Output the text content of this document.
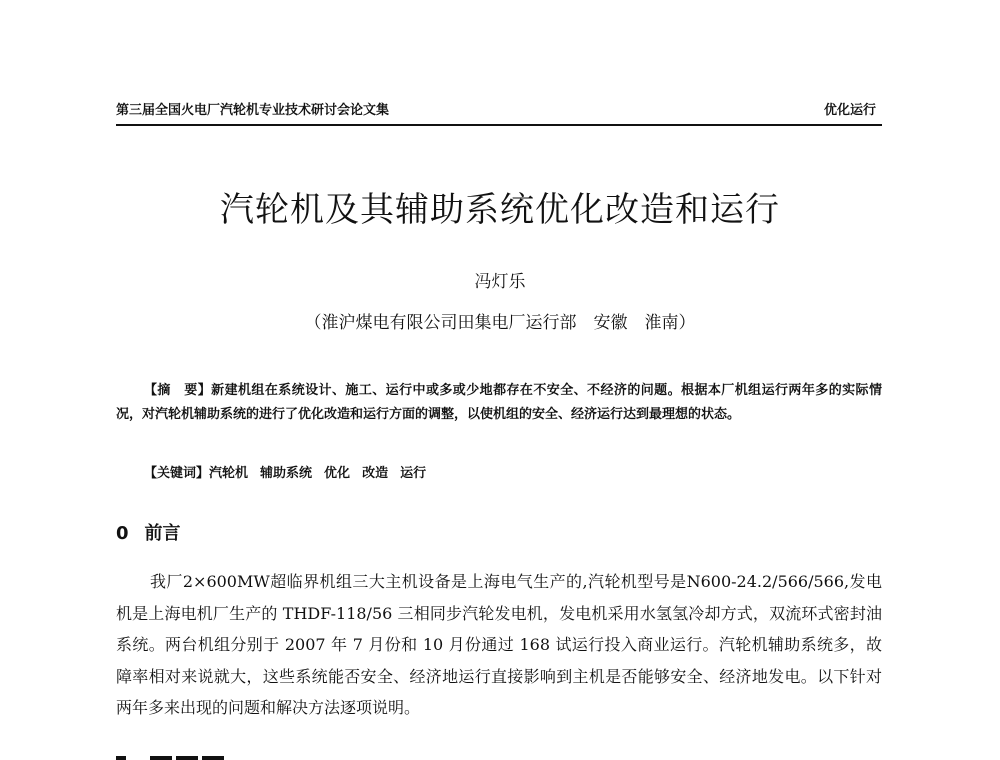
第三届全国火电厂汽轮机专业技术研讨会论文集	优化运行
汽轮机及其辅助系统优化改造和运行
冯灯乐
（淮沪煤电有限公司田集电厂运行部　安徽　淮南）
【摘　要】新建机组在系统设计、施工、运行中或多或少地都存在不安全、不经济的问题。根据本厂机组运行两年多的实际情况，对汽轮机辅助系统的进行了优化改造和运行方面的调整，以使机组的安全、经济运行达到最理想的状态。
【关键词】汽轮机 辅助系统 优化 改造 运行
0 前言
我厂2×600MW超临界机组三大主机设备是上海电气生产的,汽轮机型号是N600-24.2/566/566,发电机是上海电机厂生产的 THDF-118/56 三相同步汽轮发电机，发电机采用水氢氢冷却方式，双流环式密封油系统。两台机组分别于 2007 年 7 月份和 10 月份通过 168 试运行投入商业运行。汽轮机辅助系统多，故障率相对来说就大，这些系统能否安全、经济地运行直接影响到主机是否能够安全、经济地发电。以下针对两年多来出现的问题和解决方法逐项说明。
